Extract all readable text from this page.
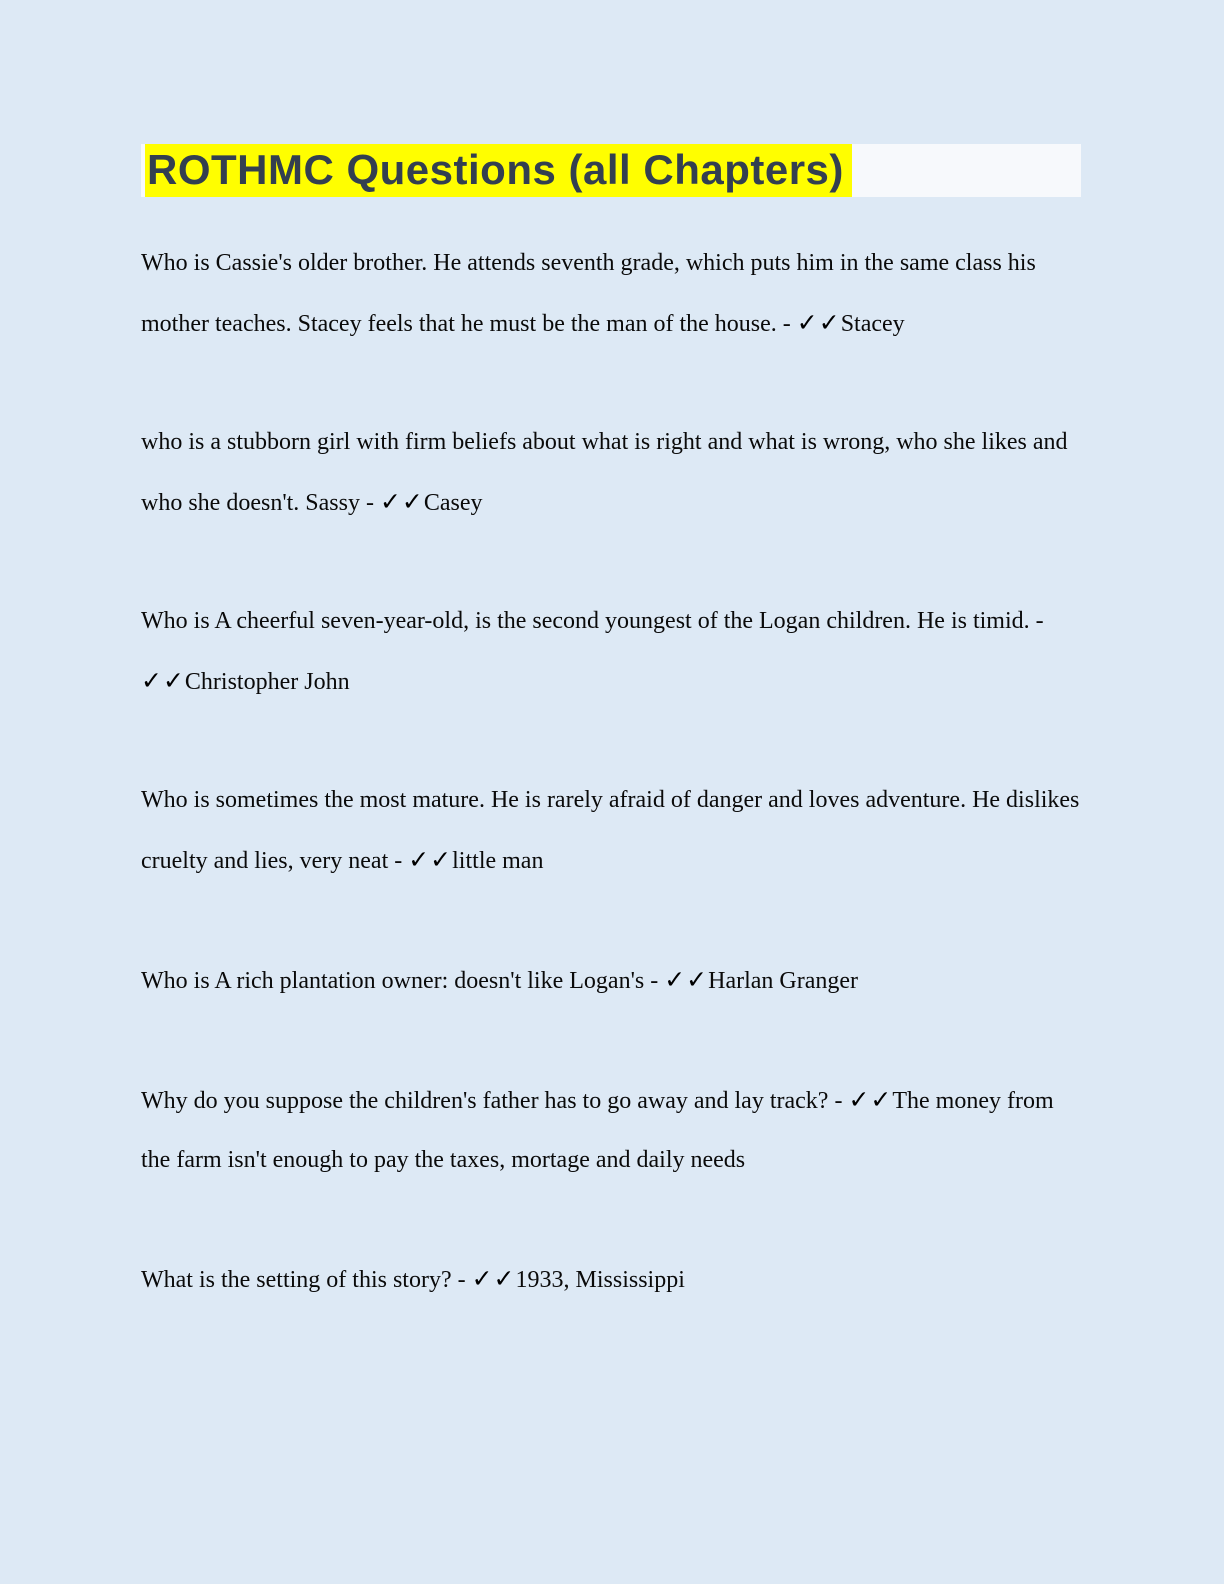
ROTHMC Questions (all Chapters)

Who is Cassie's older brother. He attends seventh grade, which puts him in the same class his mother teaches. Stacey feels that he must be the man of the house. - ✓✓Stacey

who is a stubborn girl with firm beliefs about what is right and what is wrong, who she likes and who she doesn't. Sassy - ✓✓Casey

Who is A cheerful seven-year-old, is the second youngest of the Logan children. He is timid. - ✓✓Christopher John

Who is sometimes the most mature. He is rarely afraid of danger and loves adventure. He dislikes cruelty and lies, very neat - ✓✓little man

Who is A rich plantation owner: doesn't like Logan's - ✓✓Harlan Granger

Why do you suppose the children's father has to go away and lay track? - ✓✓The money from the farm isn't enough to pay the taxes, mortage and daily needs

What is the setting of this story? - ✓✓1933, Mississippi
